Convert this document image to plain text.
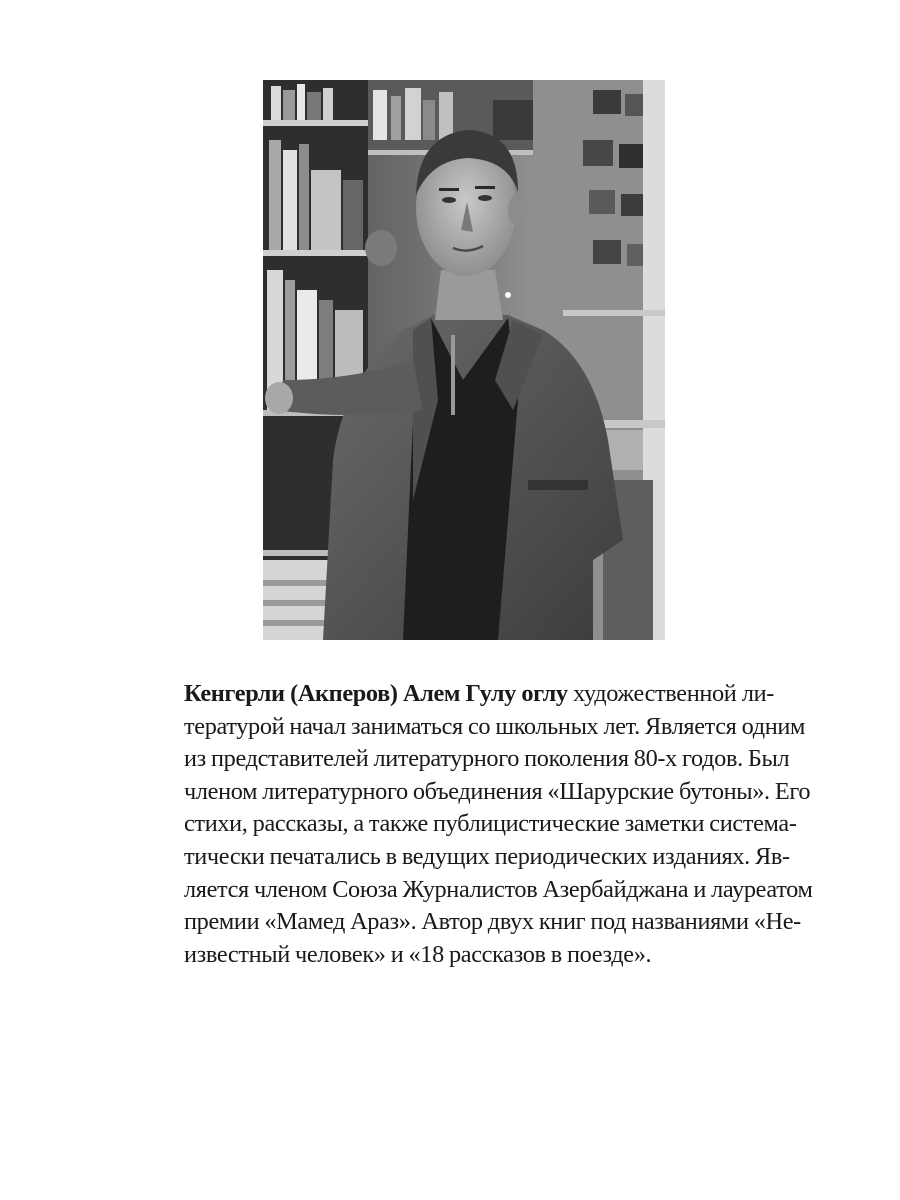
Кенгерли (Акперов) Алем Гулу оглу художественной ли-
тературой начал заниматься со школьных лет. Является одним
из представителей литературного поколения 80-х годов. Был
членом литературного объединения «Шарурские бутоны». Его
стихи, рассказы, а также публицистические заметки система-
тически печатались в ведущих периодических изданиях. Яв-
ляется членом Союза Журналистов Азербайджана и лауреатом
премии «Мамед Араз». Автор двух книг под названиями «Не-
известный человек» и «18 рассказов в поезде».
